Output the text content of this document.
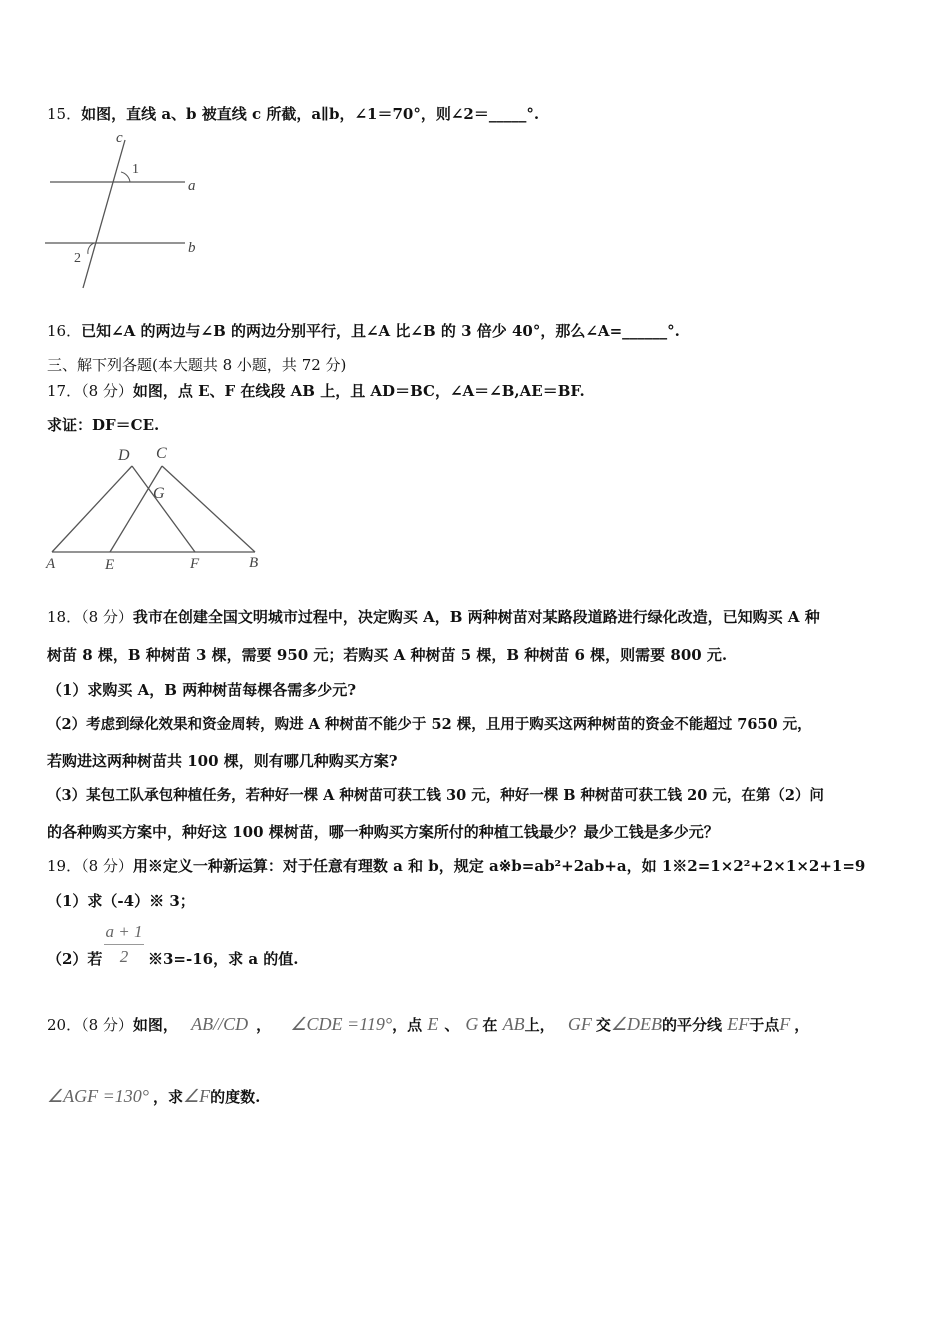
15．如图，直线 a、b 被直线 c 所截，a∥b，∠1＝70°，则∠2＝_____°.
c
1
a
b
2
16．已知∠A 的两边与∠B 的两边分别平行，且∠A 比∠B 的 3 倍少 40°，那么∠A=______°.
三、解下列各题(本大题共 8 小题，共 72 分)
17．（8 分）如图，点 E、F 在线段 AB 上，且 AD＝BC，∠A＝∠B,AE＝BF.
求证：DF＝CE.
D C
G
A	E	F	B
18．（8 分）我市在创建全国文明城市过程中，决定购买 A，B 两种树苗对某路段道路进行绿化改造，已知购买 A 种
树苗 8 棵，B 种树苗 3 棵，需要 950 元；若购买 A 种树苗 5 棵，B 种树苗 6 棵，则需要 800 元.
（1）求购买 A，B 两种树苗每棵各需多少元?
（2）考虑到绿化效果和资金周转，购进 A 种树苗不能少于 52 棵，且用于购买这两种树苗的资金不能超过 7650 元，
若购进这两种树苗共 100 棵，则有哪几种购买方案?
（3）某包工队承包种植任务，若种好一棵 A 种树苗可获工钱 30 元，种好一棵 B 种树苗可获工钱 20 元，在第（2）问
的各种购买方案中，种好这 100 棵树苗，哪一种购买方案所付的种植工钱最少？最少工钱是多少元？
19．（8 分）用※定义一种新运算：对于任意有理数 a 和 b，规定 a※b=ab²+2ab+a，如 1※2=1×2²+2×1×2+1=9
（1）求（-4）※ 3；
（2）若
a + 1
2	※3=-16，求 a 的值.
20．（8 分）如图， AB//CD ， ∠CDE =119°，点 E 、 G 在 AB上， GF 交∠DEB的平分线 EF于点F ，
∠AGF =130° ，求∠F的度数.
